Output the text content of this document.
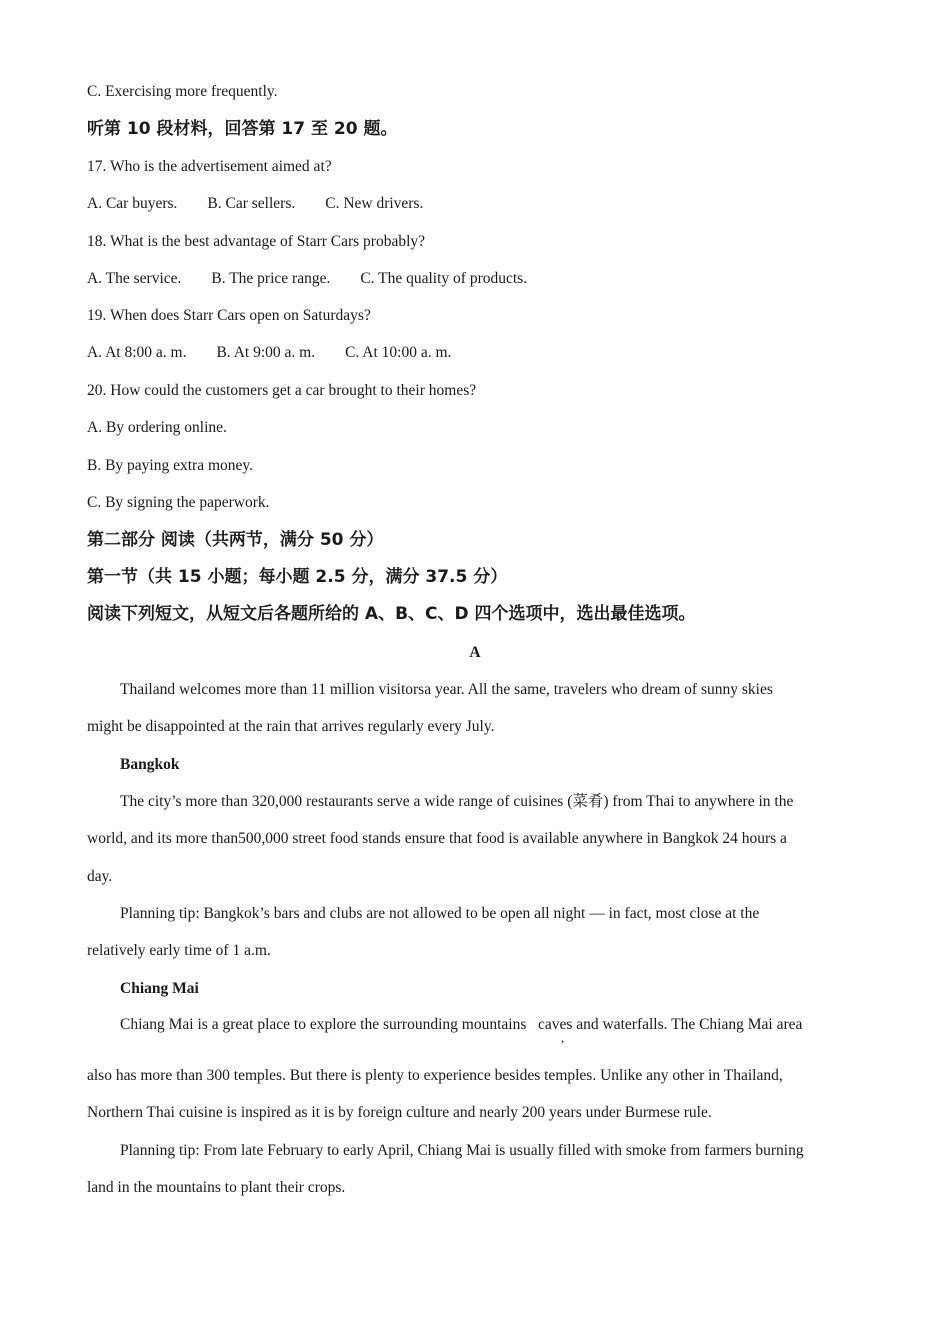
C. Exercising more frequently.
听第 10 段材料，回答第 17 至 20 题。
17. Who is the advertisement aimed at?
A. Car buyers. B. Car sellers. C. New drivers.
18. What is the best advantage of Starr Cars probably?
A. The service. B. The price range. C. The quality of products.
19. When does Starr Cars open on Saturdays?
A. At 8:00 a. m. B. At 9:00 a. m. C. At 10:00 a. m.
20. How could the customers get a car brought to their homes?
A. By ordering online.
B. By paying extra money.
C. By signing the paperwork.
第二部分 阅读（共两节，满分 50 分）
第一节（共 15 小题；每小题 2.5 分，满分 37.5 分）
阅读下列短文，从短文后各题所给的 A、B、C、D 四个选项中，选出最佳选项。
A
Thailand welcomes more than 11 million visitorsa year. All the same, travelers who dream of sunny skies
might be disappointed at the rain that arrives regularly every July.
Bangkok
The city’s more than 320,000 restaurants serve a wide range of cuisines (菜肴) from Thai to anywhere in the
world, and its more than500,000 street food stands ensure that food is available anywhere in Bangkok 24 hours a
day.
Planning tip: Bangkok’s bars and clubs are not allowed to be open all night — in fact, most close at the
relatively early time of 1 a.m.
Chiang Mai
Chiang Mai is a great place to explore the surrounding mountains caves and waterfalls. The Chiang Mai area
,
also has more than 300 temples. But there is plenty to experience besides temples. Unlike any other in Thailand,
Northern Thai cuisine is inspired as it is by foreign culture and nearly 200 years under Burmese rule.
Planning tip: From late February to early April, Chiang Mai is usually filled with smoke from farmers burning
land in the mountains to plant their crops.
